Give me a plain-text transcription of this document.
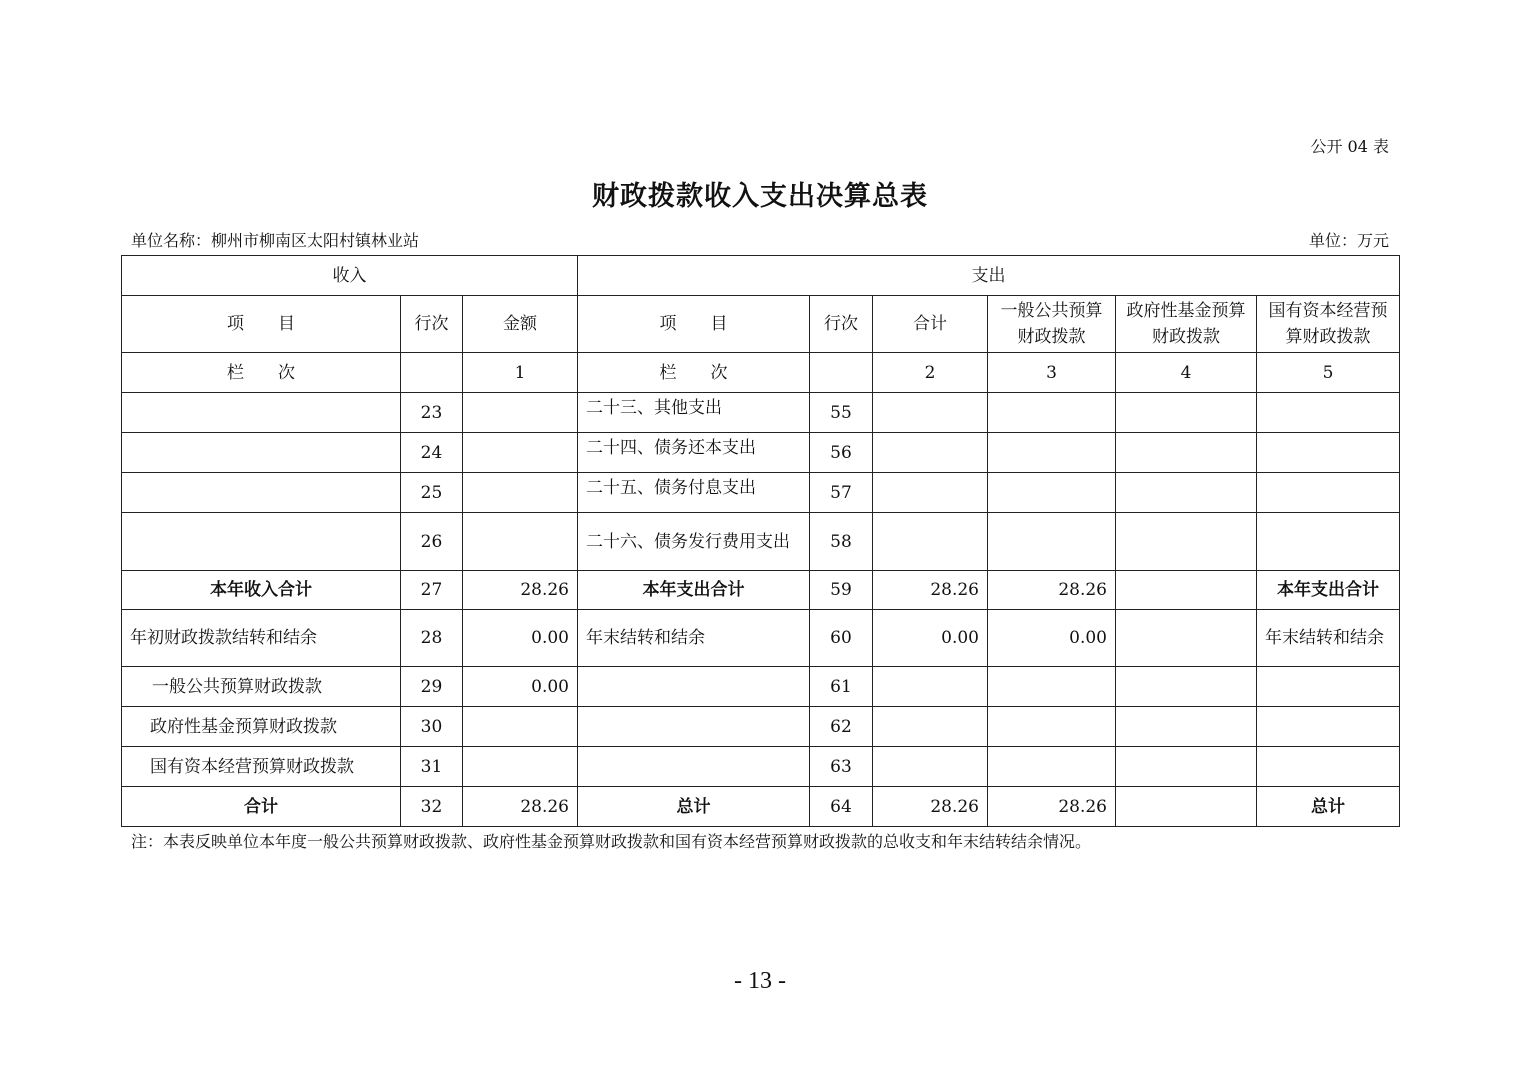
公开 04 表
财政拨款收入支出决算总表
单位名称：柳州市柳南区太阳村镇林业站	单位：万元
收入			支出					
项　　目	行次	金额	项　　目	行次	合计	一般公共预算财政拨款	政府性基金预算财政拨款	国有资本经营预算财政拨款
栏　　次		1	栏　　次		2	3	4	5
	23		二十三、其他支出	55				
	24		二十四、债务还本支出	56				
	25		二十五、债务付息支出	57				
	26		二十六、债务发行费用支出	58				
本年收入合计	27	28.26	本年支出合计	59	28.26	28.26		本年支出合计
年初财政拨款结转和结余	28	0.00	年末结转和结余	60	0.00	0.00		年末结转和结余
一般公共预算财政拨款	29	0.00		61				
政府性基金预算财政拨款	30			62				
国有资本经营预算财政拨款	31			63				
合计	32	28.26	总计	64	28.26	28.26		总计
注：本表反映单位本年度一般公共预算财政拨款、政府性基金预算财政拨款和国有资本经营预算财政拨款的总收支和年末结转结余情况。
- 13 -
